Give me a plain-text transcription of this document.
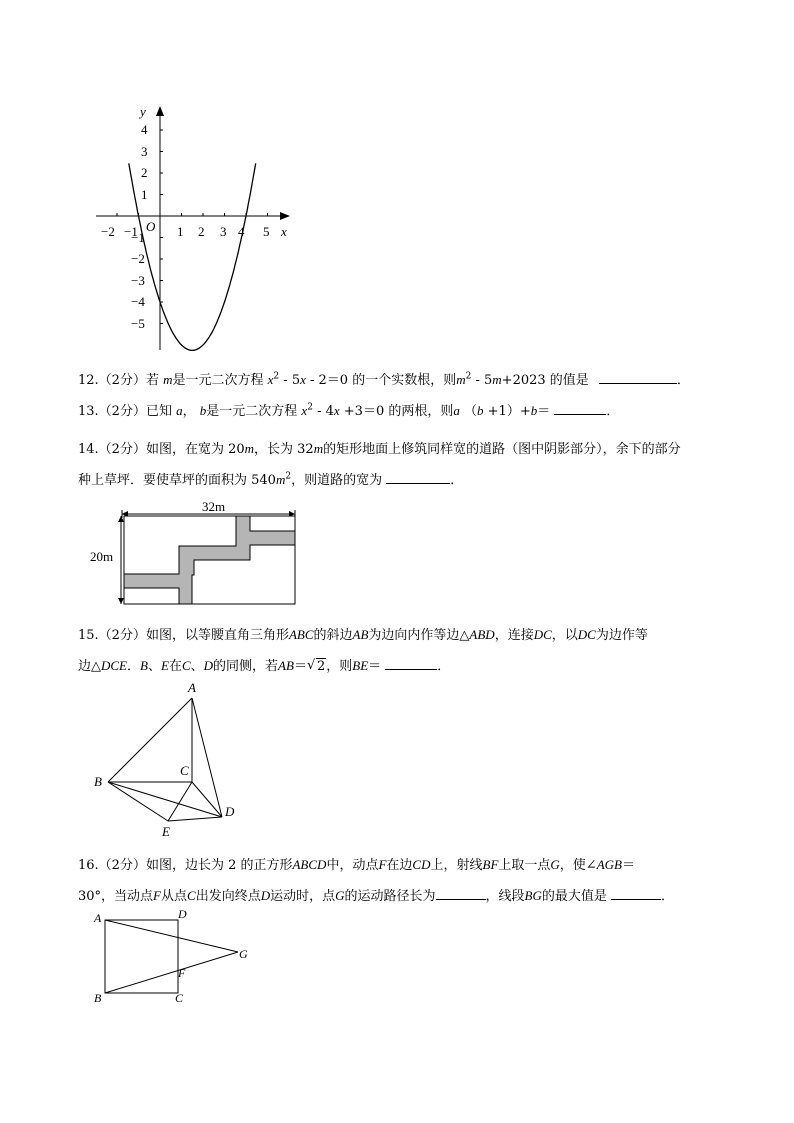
y
x
O
−2 −1	1 2 3 4 5
4
3
2
1
−1
−2
−3
−4
−5
12.（2分）若 m是一元二次方程 $x^2 - 5x - 2=0$ 的一个实数根，则$m^2 - 5m+2023$ 的值是	．
13.（2分）已知 a， b是一元二次方程 $x^2 - 4x +3=0$ 的两根，则a （b +1）+b＝	．
14.（2分）如图，在宽为 20m，长为 32m的矩形地面上修筑同样宽的道路（图中阴影部分），余下的部分
种上草坪．要使草坪的面积为 $540m^2$，则道路的宽为	．
32m
20m
15.（2分）如图，以等腰直角三角形ABC的斜边AB为边向内作等边△ABD，连接DC，以DC为边作等
边△DCE．B、E在C、D的同侧，若AB＝√ 2，则BE＝	．
A
B
C
D
E
16.（2分）如图，边长为 2 的正方形ABCD中，动点F在边CD上，射线BF上取一点G，使∠AGB＝
30°，当动点F从点C出发向终点D运动时，点G的运动路径长为	，线段BG的最大值是	．
A	D
G
F
B	C
